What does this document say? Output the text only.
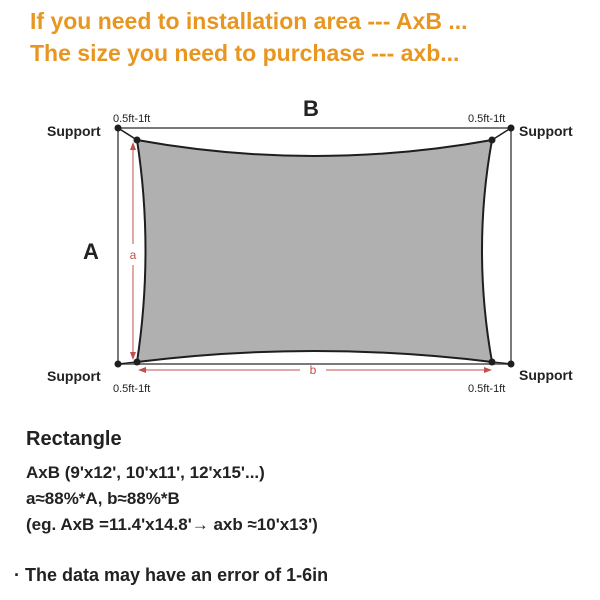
If you need to installation area --- AxB ...
The size you need to purchase --- axb...
B
A	a
b
Support	Support
Support	Support
0.5ft-1ft	0.5ft-1ft
0.5ft-1ft	0.5ft-1ft
Rectangle
AxB (9'x12', 10'x11', 12'x15'...)
a≈88%*A, b≈88%*B
(eg. AxB =11.4'x14.8'→ axb ≈10'x13')
· The data may have an error of 1-6in
